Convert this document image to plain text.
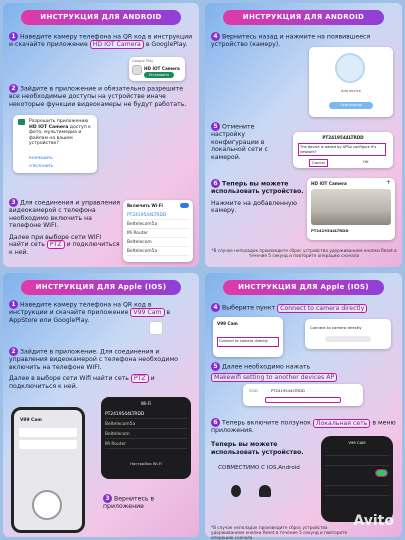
ИНСТРУКЦИЯ ДЛЯ ANDROID
1 Наведите камеру телефона на QR код в инструкции и скачайте приложение HD IOT Camera в GooglePlay.
Google Play
HD IOT Camera
Установить
2 Зайдите в приложение и обязательно разрешите все необходимые доступы на устройстве иначе некоторые функции видеокамеры не будут работать.
Разрешить приложению HD IOT Camera доступ к фото, мультимедиа и файлам на вашем устройстве?
РАЗРЕШИТЬ
ОТКЛОНИТЬ
3 Для соединения и управления видеокамерой с телефона необходимо включить на телефоне WIFI.
Далее при выборе сети WIFI найти сеть PTZ и подключиться к ней.
Включить Wi-Fi
PT2419544LTRDD
Beltelecom5a
Mi Router
Beltelecom
Beltelecom5a
ИНСТРУКЦИЯ ДЛЯ ANDROID
4 Вернитесь назад и нажмите на появившееся устройство (камеру).
Add device
Card manual
5 Отмените настройку конфигурации в локальной сети с камерой.
PT2419544LTRDD
The device is added by APSo configure it's network?
Cancel	OK
6 Теперь вы можете использовать устройство.
Нажмите на добавленную камеру.
HD IOT Camera	+
PT2419544LTRDD
*В случае неполадок произведите сброс устройства удерживанием кнопки Reset в течение 5 секунд и повторите операцию сначала
ИНСТРУКЦИЯ ДЛЯ Apple (IOS)
1 Наведите камеру телефона на QR код в инструкции и скачайте приложение V99 Cam в AppStore или GooglePlay.
2 Зайдите в приложение. Для соединения и управления видеокамерой с телефона необходимо включить на телефоне WIFI.
Далее в выборе сети Wifi найти сеть PTZ и подключиться к ней.
V99 Cam
Wi-Fi
PT2419544LTRDD
Beltelecom5a
Beltelecom
Mi Router
Настройки Wi-Fi
3 Вернитесь в приложение
ИНСТРУКЦИЯ ДЛЯ Apple (IOS)
4 Выберите пункт Connect to camera directly
V99 Cam
Connect to camera directly
Connect to camera directly
5 Далее необходимо нажать
Makewifi setting to another devices AP
SSID	PT2419544LTRDD
6 Теперь включите ползунок Локальная сеть в меню приложения.
Теперь вы можете использовать устройство.
СОВМЕСТИМО С IOS,Android
V99 CAM
*В случае неполадок произведите сброс устройства удерживанием кнопки Reset в течение 5 секунд и повторите операцию сначала
Avito
